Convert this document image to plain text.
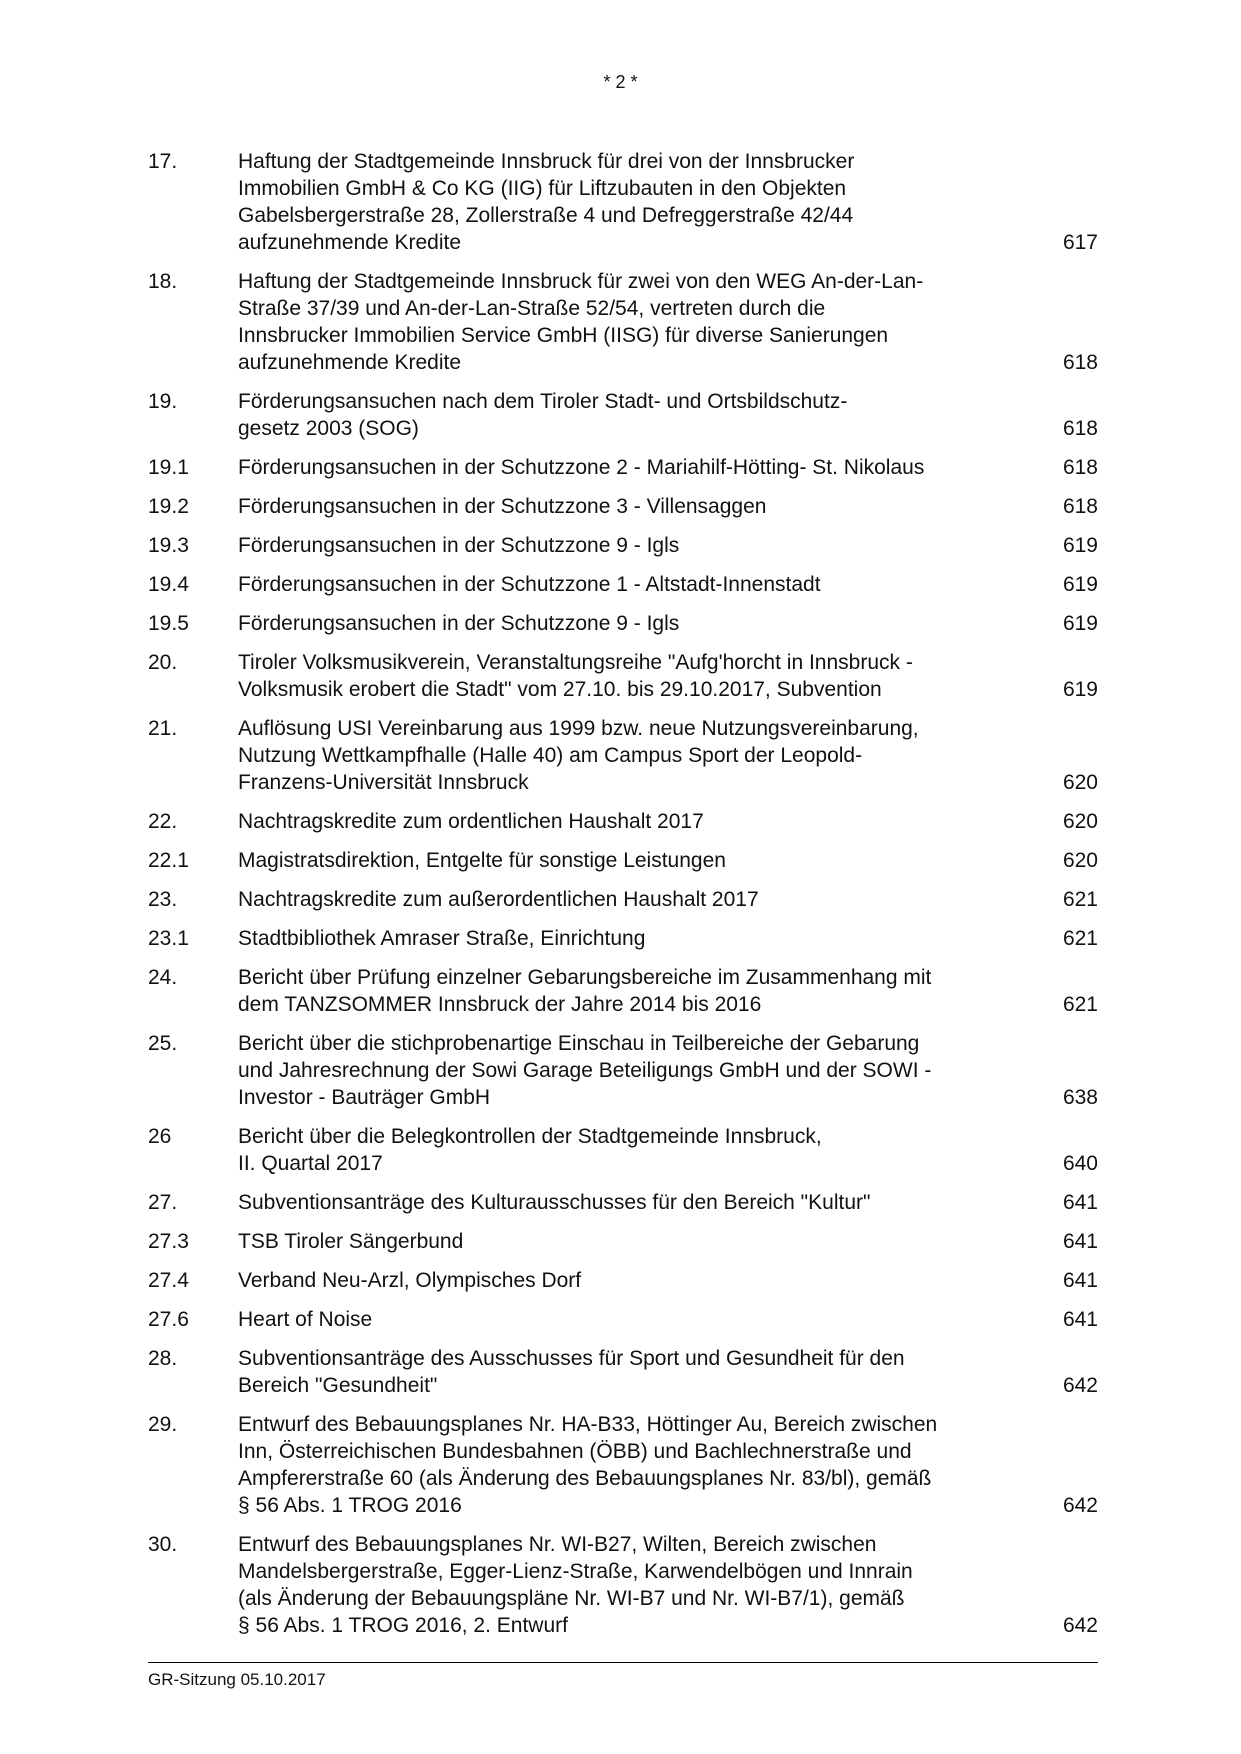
* 2 *
17.	Haftung der Stadtgemeinde Innsbruck für drei von der Innsbrucker
Immobilien GmbH & Co KG (IIG) für Liftzubauten in den Objekten
Gabelsbergerstraße 28, Zollerstraße 4 und Defreggerstraße 42/44
aufzunehmende Kredite	617
18.	Haftung der Stadtgemeinde Innsbruck für zwei von den WEG An-der-Lan-
Straße 37/39 und An-der-Lan-Straße 52/54, vertreten durch die
Innsbrucker Immobilien Service GmbH (IISG) für diverse Sanierungen
aufzunehmende Kredite	618
19.	Förderungsansuchen nach dem Tiroler Stadt- und Ortsbildschutz-
gesetz 2003 (SOG)	618
19.1	Förderungsansuchen in der Schutzzone 2 - Mariahilf-Hötting- St. Nikolaus	618
19.2	Förderungsansuchen in der Schutzzone 3 - Villensaggen	618
19.3	Förderungsansuchen in der Schutzzone 9 - Igls	619
19.4	Förderungsansuchen in der Schutzzone 1 - Altstadt-Innenstadt	619
19.5	Förderungsansuchen in der Schutzzone 9 - Igls	619
20.	Tiroler Volksmusikverein, Veranstaltungsreihe "Aufg'horcht in Innsbruck -
Volksmusik erobert die Stadt" vom 27.10. bis 29.10.2017, Subvention	619
21.	Auflösung USI Vereinbarung aus 1999 bzw. neue Nutzungsvereinbarung,
Nutzung Wettkampfhalle (Halle 40) am Campus Sport der Leopold-
Franzens-Universität Innsbruck	620
22.	Nachtragskredite zum ordentlichen Haushalt 2017	620
22.1	Magistratsdirektion, Entgelte für sonstige Leistungen	620
23.	Nachtragskredite zum außerordentlichen Haushalt 2017	621
23.1	Stadtbibliothek Amraser Straße, Einrichtung	621
24.	Bericht über Prüfung einzelner Gebarungsbereiche im Zusammenhang mit
dem TANZSOMMER Innsbruck der Jahre 2014 bis 2016	621
25.	Bericht über die stichprobenartige Einschau in Teilbereiche der Gebarung
und Jahresrechnung der Sowi Garage Beteiligungs GmbH und der SOWI -
Investor - Bauträger GmbH	638
26	Bericht über die Belegkontrollen der Stadtgemeinde Innsbruck,
II. Quartal 2017	640
27.	Subventionsanträge des Kulturausschusses für den Bereich "Kultur"	641
27.3	TSB Tiroler Sängerbund	641
27.4	Verband Neu-Arzl, Olympisches Dorf	641
27.6	Heart of Noise	641
28.	Subventionsanträge des Ausschusses für Sport und Gesundheit für den
Bereich "Gesundheit"	642
29.	Entwurf des Bebauungsplanes Nr. HA-B33, Höttinger Au, Bereich zwischen
Inn, Österreichischen Bundesbahnen (ÖBB) und Bachlechnerstraße und
Ampfererstraße 60 (als Änderung des Bebauungsplanes Nr. 83/bl), gemäß
§ 56 Abs. 1 TROG 2016	642
30.	Entwurf des Bebauungsplanes Nr. WI-B27, Wilten, Bereich zwischen
Mandelsbergerstraße, Egger-Lienz-Straße, Karwendelbögen und Innrain
(als Änderung der Bebauungspläne Nr. WI-B7 und Nr. WI-B7/1), gemäß
§ 56 Abs. 1 TROG 2016, 2. Entwurf	642
GR-Sitzung 05.10.2017
